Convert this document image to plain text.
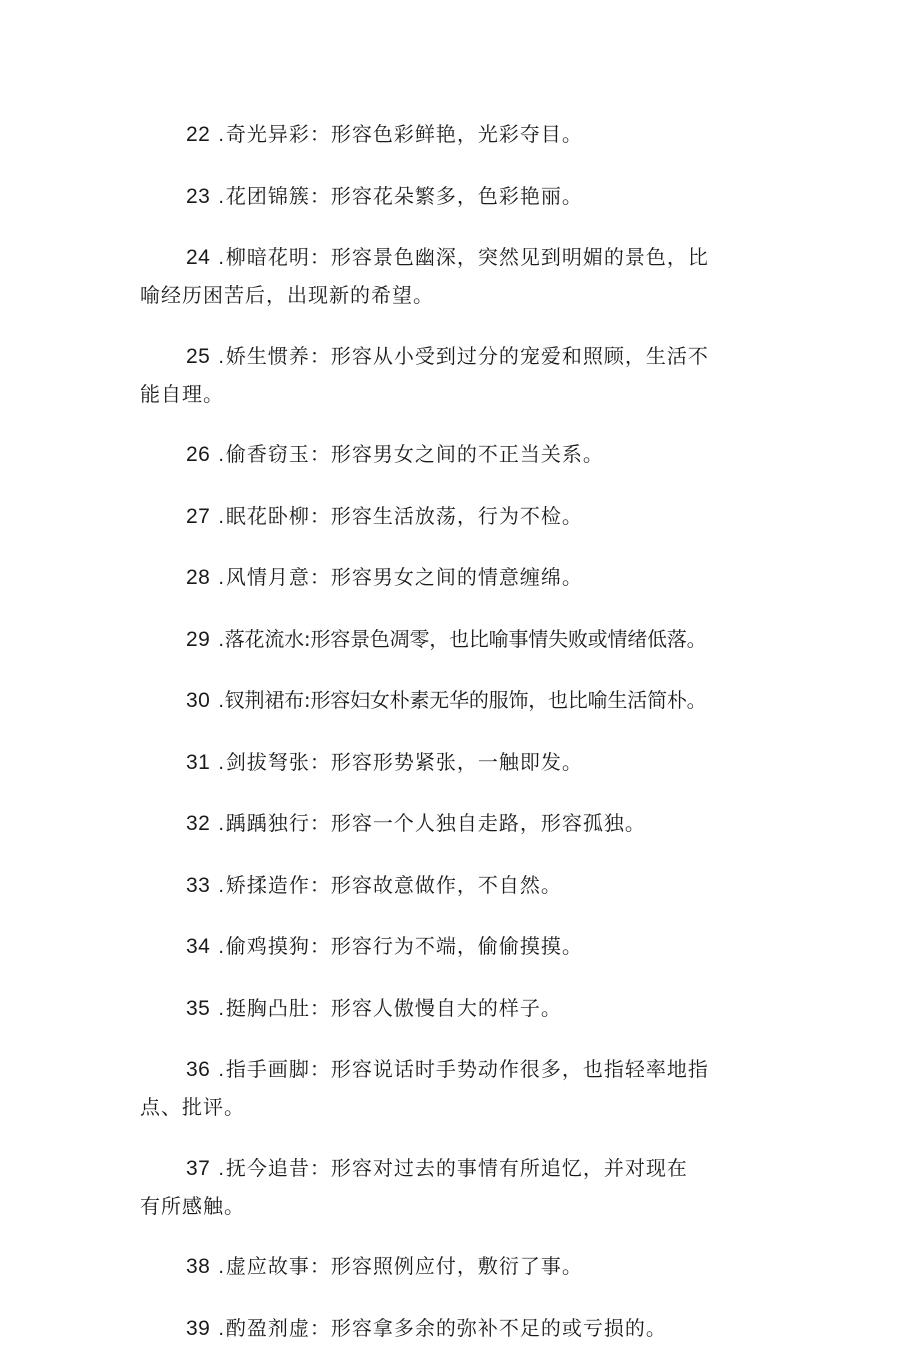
22 .奇光异彩：形容色彩鲜艳，光彩夺目。

23 .花团锦簇：形容花朵繁多，色彩艳丽。

24 .柳暗花明：形容景色幽深，突然见到明媚的景色，比
喻经历困苦后，出现新的希望。

25 .娇生惯养：形容从小受到过分的宠爱和照顾，生活不
能自理。

26 .偷香窃玉：形容男女之间的不正当关系。

27 .眠花卧柳：形容生活放荡，行为不检。

28 .风情月意：形容男女之间的情意缠绵。

29 .落花流水:形容景色凋零，也比喻事情失败或情绪低落。

30 .钗荆裙布:形容妇女朴素无华的服饰，也比喻生活简朴。

31 .剑拔弩张：形容形势紧张，一触即发。

32 .踽踽独行：形容一个人独自走路，形容孤独。

33 .矫揉造作：形容故意做作，不自然。

34 .偷鸡摸狗：形容行为不端，偷偷摸摸。

35 .挺胸凸肚：形容人傲慢自大的样子。

36 .指手画脚：形容说话时手势动作很多，也指轻率地指
点、批评。

37 .抚今追昔：形容对过去的事情有所追忆，并对现在
有所感触。

38 .虚应故事：形容照例应付，敷衍了事。

39 .酌盈剂虚：形容拿多余的弥补不足的或亏损的。
